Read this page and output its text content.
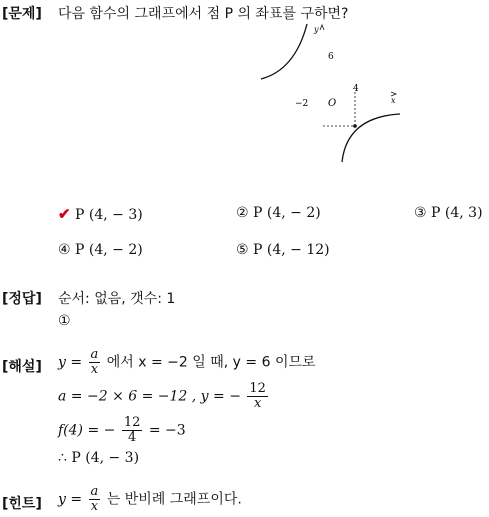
[문제] 다음 함수의 그래프에서 점 P 의 좌표를 구하면?
y
6
4
x
−2 O
✔ P (4, − 3)	② P (4, − 2)	③ P (4, 3)
④ P (4, − 2)	⑤ P (4, − 12)
[정답] 순서: 없음, 갯수: 1
①
[해설] $y = \frac{a}{x}$ 에서 x = −2 일 때, y = 6 이므로
a = −2 × 6 = −12 , y = − $\frac{12}{x}$
f(4) = − $\frac{12}{4} = -3$
∴ P (4, − 3)
[힌트] $y = \frac{a}{x}$ 는 반비례 그래프이다.
